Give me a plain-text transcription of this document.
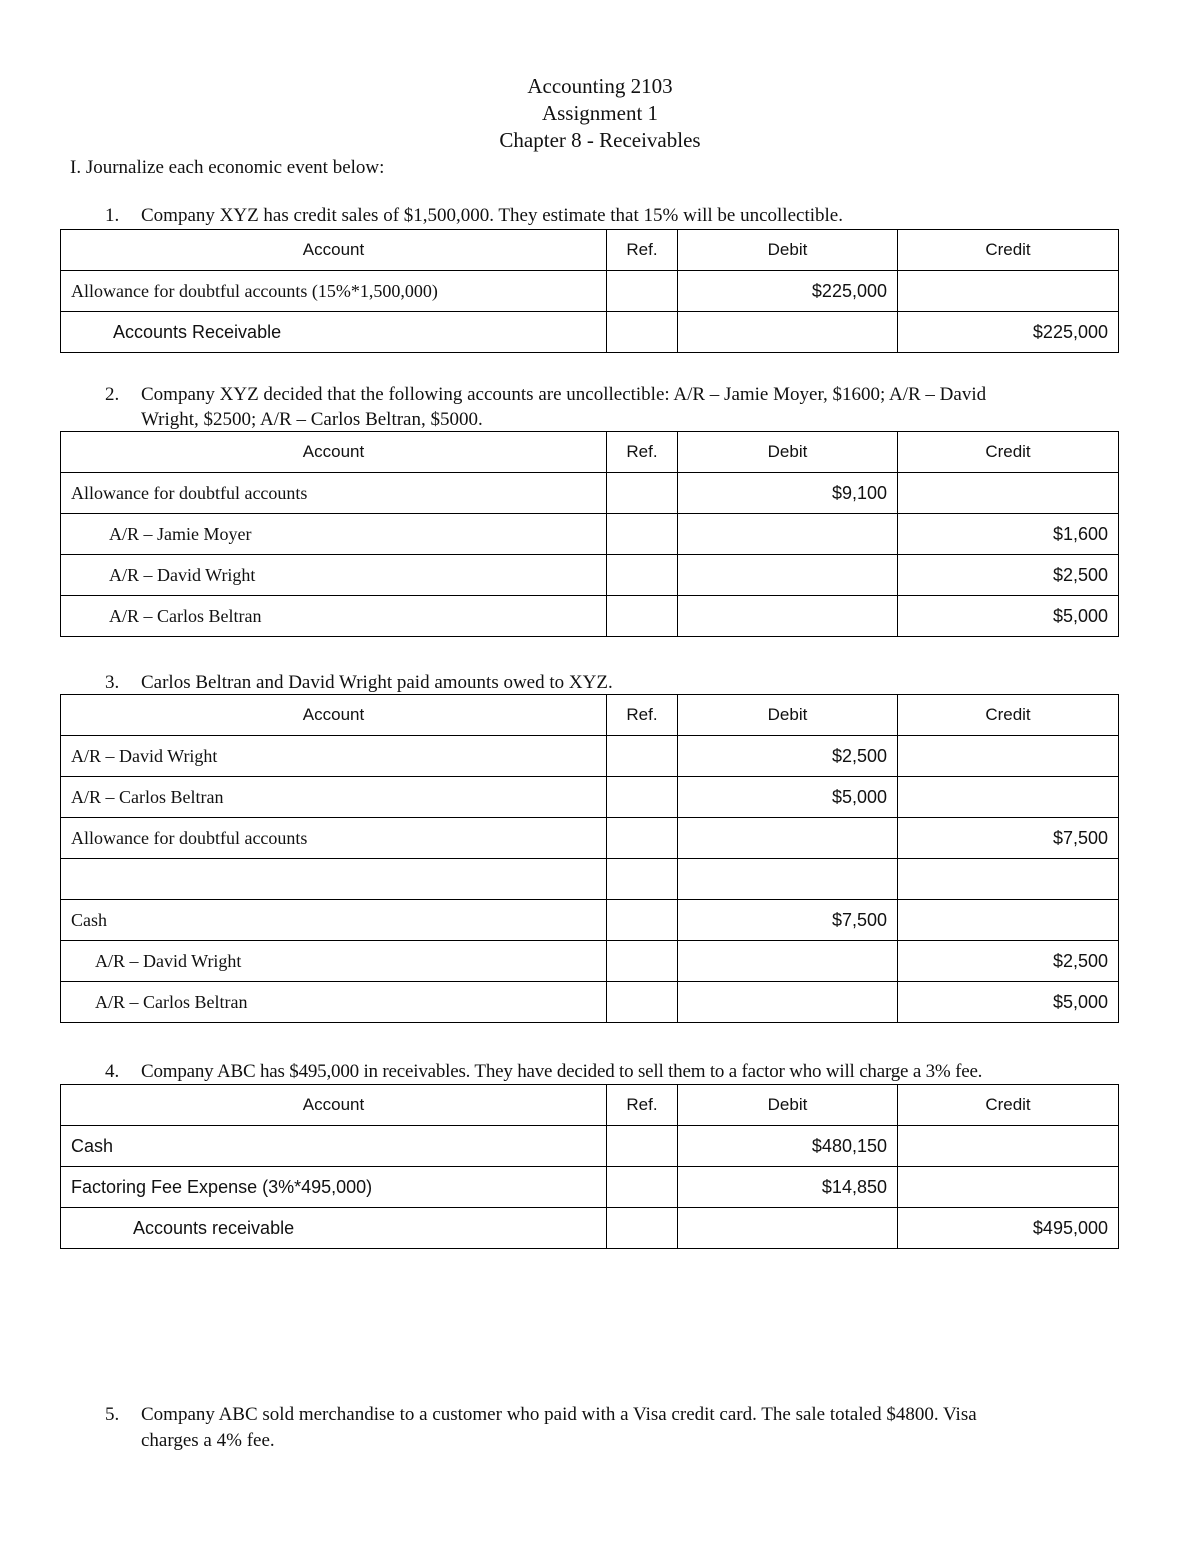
Accounting 2103
Assignment 1
Chapter 8 - Receivables
I. Journalize each economic event below:
1. Company XYZ has credit sales of $1,500,000. They estimate that 15% will be uncollectible.
Account	Ref.	Debit	Credit
Allowance for doubtful accounts (15%*1,500,000)		$225,000	
Accounts Receivable			$225,000
2. Company XYZ decided that the following accounts are uncollectible: A/R – Jamie Moyer, $1600; A/R – David
Wright, $2500; A/R – Carlos Beltran, $5000.
Account	Ref.	Debit	Credit
Allowance for doubtful accounts		$9,100	
A/R – Jamie Moyer			$1,600
A/R – David Wright			$2,500
A/R – Carlos Beltran			$5,000
3. Carlos Beltran and David Wright paid amounts owed to XYZ.
Account	Ref.	Debit	Credit
A/R – David Wright		$2,500	
A/R – Carlos Beltran		$5,000	
Allowance for doubtful accounts			$7,500

Cash		$7,500	
A/R – David Wright			$2,500
A/R – Carlos Beltran			$5,000
4. Company ABC has $495,000 in receivables. They have decided to sell them to a factor who will charge a 3% fee.
Account	Ref.	Debit	Credit
Cash		$480,150	
Factoring Fee Expense (3%*495,000)		$14,850	
Accounts receivable			$495,000
5. Company ABC sold merchandise to a customer who paid with a Visa credit card. The sale totaled $4800. Visa
charges a 4% fee.
